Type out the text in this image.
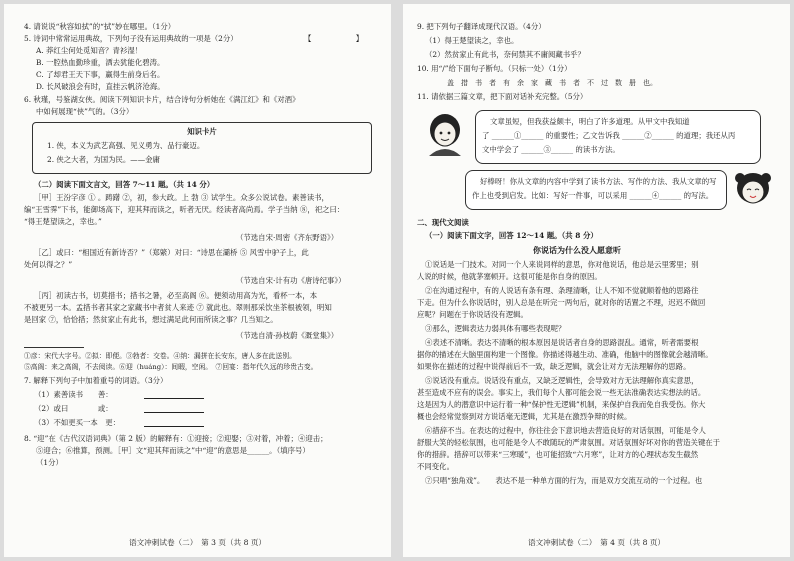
4. 请说说“秋容如拭”的“拭”妙在哪里。（1分）

5. 诗词中常常运用典故，下列句子没有运用典故的一项是（2分）	【　　　　　　】

A. 莽红尘何处觅知音？青衫湿！

B. 一腔热血勤珍重，洒去犹能化碧涛。

C. 了却君王天下事，赢得生前身后名。

D. 长风破浪会有时，直挂云帆济沧海。

6. 秋瑾，号鉴湖女侠。阅读下列知识卡片，结合诗句分析她在《满江红》和《对酒》

中如何展现“侠”气的。（3分）

知识卡片

1. 侠，本义为武艺高强、见义勇为、品行豪迈。

2. 侠之大者，为国为民。——金庸

（二）阅读下面文言文，回答 7～11 题。（共 14 分）

［甲］王汾字彦 ① 。踌躇 ②，初，参大政。上 勃 ③ 试学生。众多公说试卷。素善读书，

编“王雪霁”下书，能御场高下，迎其拜而读之，听者无厌。经读者高尚焉。学子当纳 ⑧，祀之曰：

“得王楚望读之，幸也。”

（节选自宋·周密《齐东野语》）

［乙］或曰：“相国近有新诗否？”（郑綮）对曰：“诗思在灞桥 ⑤ 风雪中驴子上，此

处何以得之？”

（节选自宋·计有功《唐诗纪事》）

［丙］初读古书，切莫措书；措书之暑，必至高阁 ⑥。便须动用高为光，看杯一本，本

不被更另一本。孟措书者其家之家藏书中者贫人来迹 ⑦ 就此也。翠则那采饮坐茶根被领，明知

是回家 ⑦，恰恰措；然贫家止有此书，想过满足此何而所读之事？几当知之。

（节选自清·孙枝蔚《溉堂集》）

①彦：宋代大字号。②拟：即便。③勃者：交卷。④纳：漏拼在长安东，唐人多在此送别。

⑤高阁：来之高阁，不去阅读。⑥迎（huáng）：间暇，空闲。　⑦回宴：指年代久远的珍贵古变。

7. 解释下列句子中加着重号的词语。（3分）

（1）素善读书　　善：

（2）或曰　　　　或：

（3）不如更买一本　更：

8. “迎”在《古代汉语词典》（第 2 版）的解释有：①迎接；②迎娶；③对着，冲着；④迎击；

⑤迎合；⑥推算，预测。［甲］文“迎其拜而读之”中“迎”的意思是______。（填序号）

（1分）

语文冲刺试卷（二）　第 3 页（共 8 页）

9. 把下列句子翻译成现代汉语。（4分）

（1）得王楚望读之，幸也。

（2）然贫家止有此书，奈何禁其不庸阅藏书乎？

10. 用“/”给下面句子断句。（只标一处）（1分）

盖　措　书　者　有　余　家　藏　书　者　不　过　数　册　也。

11. 请依据三篇文章，把下面对话补充完整。（5分）

文章虽短，但我获益颇丰，明白了许多道理。从甲文中我知道

了 ______①______ 的重要性；乙文告诉我 ______②______ 的道理；我还从丙

文中学会了 ______③______ 的读书方法。

好棒呀！你从文章的内容中学到了读书方法、写作的方法、我从文章的写

作上也受到启发。比如：写好一件事，可以采用 ______④______ 的写法。

二、现代文阅读

（一）阅读下面文字，回答 12～14 题。（共 8 分）

你说话为什么没人愿意听

①说话是一门技术。对同一个人来说同样的意思，你对他说话，他总是云里雾里；别

人说的时候，他就茅塞顿开。这很可能是你自身的原因。

②在沟通过程中，有的人说话有条有理、条理清晰，让人不知不觉就顺着他的思路往

下走。但为什么你说话时，别人总是在听完一两句后，就对你的话置之不理，迟迟不做回

应呢？问题在于你说话没有逻辑。

③那么，逻辑表达力弱具体有哪些表现呢？

④表述不清晰。表达不清晰的根本原因是说话者自身的思路混乱。通常，听者需要根

据你的描述在大脑里面构建一个图像。你描述得越生动、准确，他脑中的图像就会越清晰。

如果你在描述的过程中说得前后不一致，缺乏逻辑，就会让对方无法理解你的思路。

⑤说话没有重点。说话没有重点，又缺乏逻辑性，会导致对方无法理解你真实意思，

甚至造成不应有的误会。事实上，我们每个人都可能会说一些无法准确表达实想法的话。

这是因为人的潜意识中运行着一种“保护性无逻辑”机制，来保护自我而免自我受伤。你大

概也会经常觉察到对方说话毫无逻辑，尤其是在激烈争辩的时候。

⑥措辞不当。在表达的过程中，你往往会下意识地去营造良好的对话氛围，可能是令人

舒服大笑的轻松氛围，也可能是令人不敢随玩的严肃氛围。对话氛围好坏对你的营造关键在于

你的措辞。措辞可以带来“三寒暖”，也可能招致“六月寒”，让对方的心理状态发生截然

不同变化。

⑦只唱“独角戏”。　　表达不是一种单方面的行为，而是双方交流互动的一个过程。也

语文冲刺试卷（二）　第 4 页（共 8 页）
